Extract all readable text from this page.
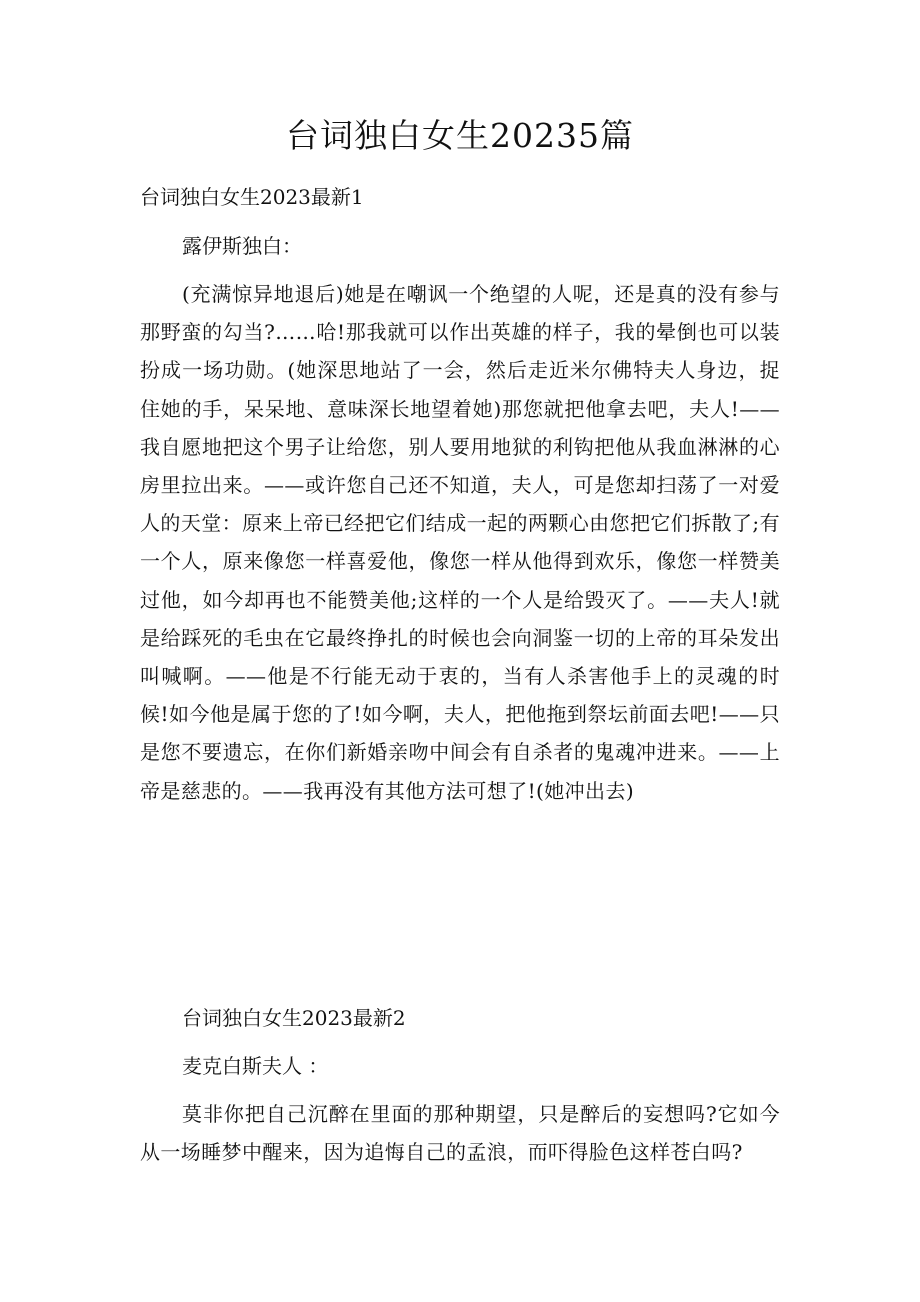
台词独白女生20235篇
台词独白女生2023最新1

露伊斯独白：

(充满惊异地退后)她是在嘲讽一个绝望的人呢，还是真的没有参与那野蛮的勾当?……哈!那我就可以作出英雄的样子，我的晕倒也可以装扮成一场功勋。(她深思地站了一会，然后走近米尔佛特夫人身边，捉住她的手，呆呆地、意味深长地望着她)那您就把他拿去吧，夫人!——我自愿地把这个男子让给您，别人要用地狱的利钩把他从我血淋淋的心房里拉出来。——或许您自己还不知道，夫人，可是您却扫荡了一对爱人的天堂：原来上帝已经把它们结成一起的两颗心由您把它们拆散了;有一个人，原来像您一样喜爱他，像您一样从他得到欢乐，像您一样赞美过他，如今却再也不能赞美他;这样的一个人是给毁灭了。——夫人!就是给踩死的毛虫在它最终挣扎的时候也会向洞鉴一切的上帝的耳朵发出叫喊啊。——他是不行能无动于衷的，当有人杀害他手上的灵魂的时候!如今他是属于您的了!如今啊，夫人，把他拖到祭坛前面去吧!——只是您不要遗忘，在你们新婚亲吻中间会有自杀者的鬼魂冲进来。——上帝是慈悲的。——我再没有其他方法可想了!(她冲出去)

台词独白女生2023最新2

麦克白斯夫人 ：

莫非你把自己沉醉在里面的那种期望，只是醉后的妄想吗?它如今从一场睡梦中醒来，因为追悔自己的孟浪，而吓得脸色这样苍白吗?
